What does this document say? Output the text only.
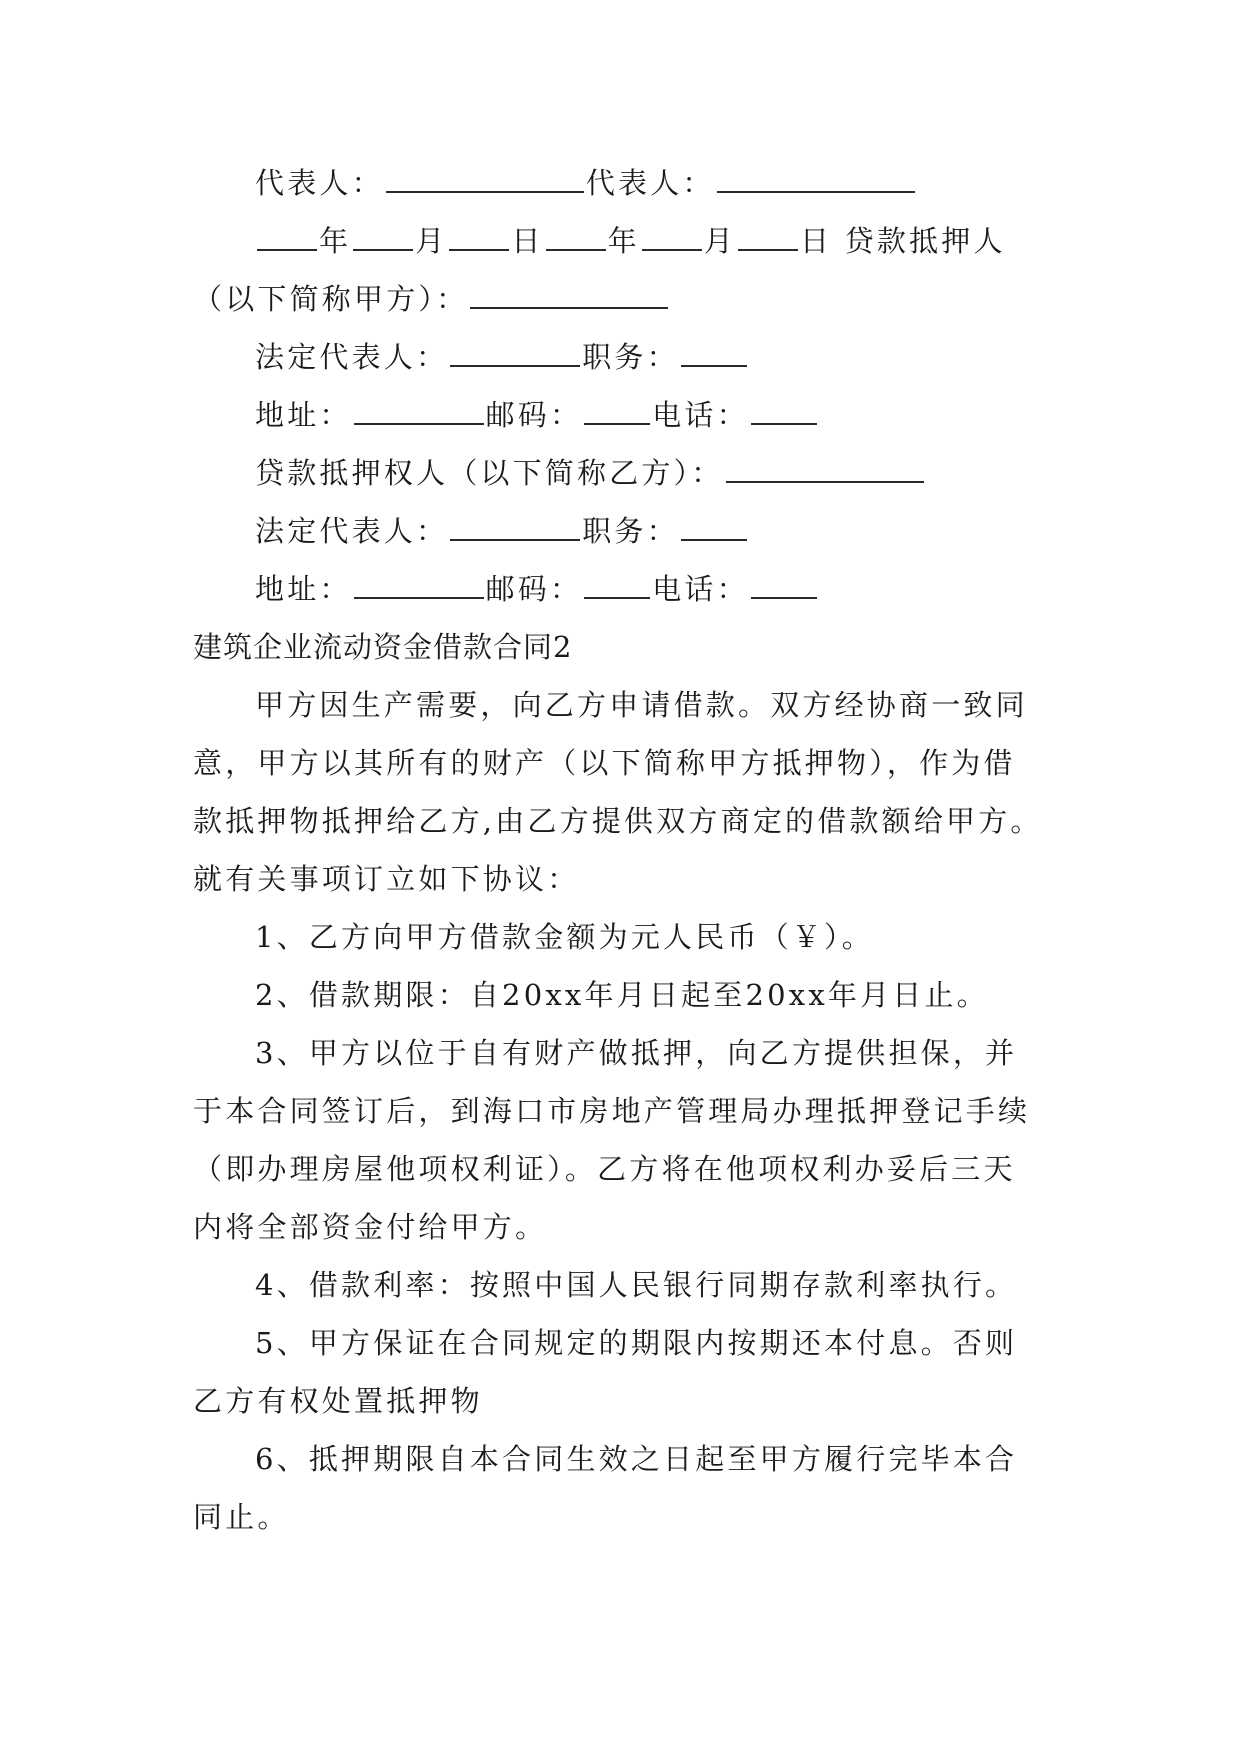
代表人：	代表人：
年 月 日 年 月 日 贷款抵押人
（以下简称甲方）：
法定代表人：	职务：
地址：	邮码： 电话：
贷款抵押权人（以下简称乙方）：
法定代表人：	职务：
地址：	邮码： 电话：
建筑企业流动资金借款合同2
甲方因生产需要，向乙方申请借款。双方经协商一致同
意，甲方以其所有的财产（以下简称甲方抵押物），作为借
款抵押物抵押给乙方,由乙方提供双方商定的借款额给甲方。
就有关事项订立如下协议：
1、乙方向甲方借款金额为元人民币（￥）。
2、借款期限：自20xx年月日起至20xx年月日止。
3、甲方以位于自有财产做抵押，向乙方提供担保，并
于本合同签订后，到海口市房地产管理局办理抵押登记手续
（即办理房屋他项权利证）。乙方将在他项权利办妥后三天
内将全部资金付给甲方。
4、借款利率：按照中国人民银行同期存款利率执行。
5、甲方保证在合同规定的期限内按期还本付息。否则
乙方有权处置抵押物
6、抵押期限自本合同生效之日起至甲方履行完毕本合
同止。
